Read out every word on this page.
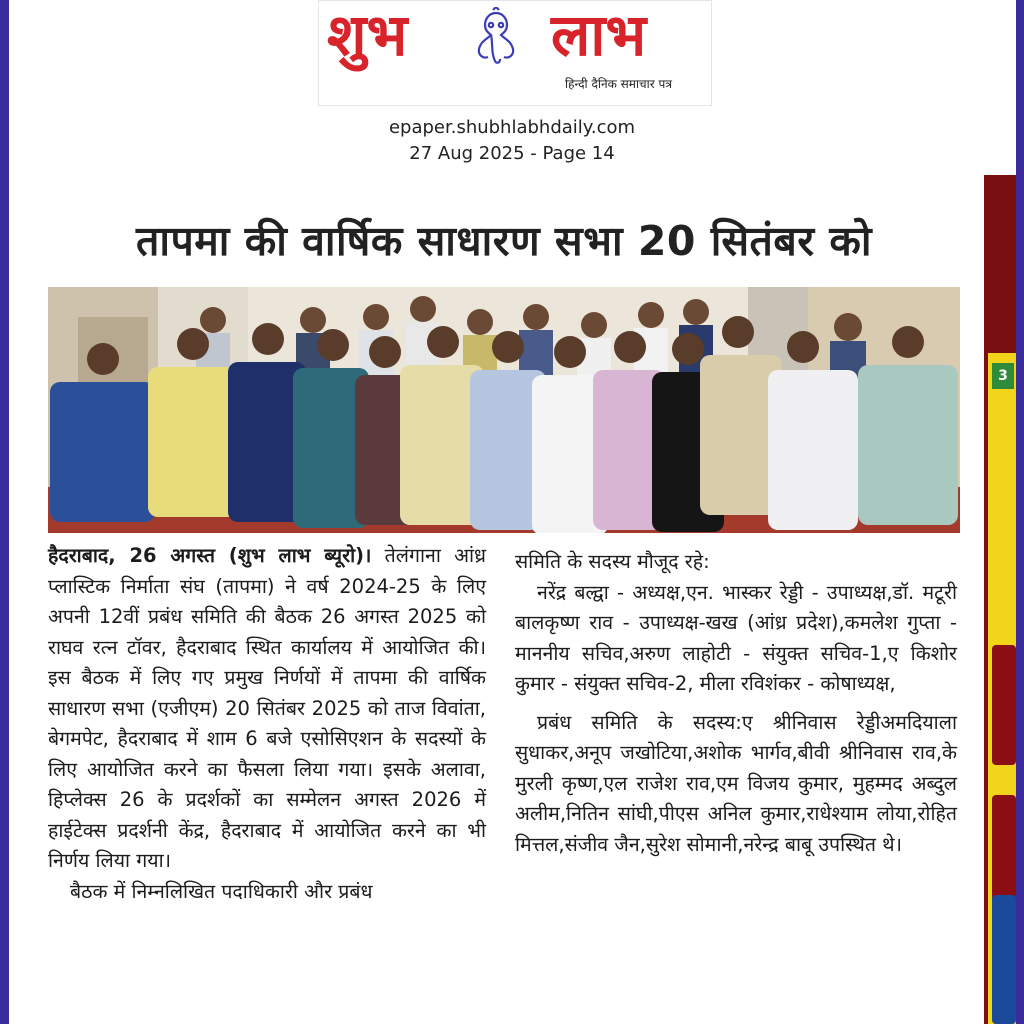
3
शुभ लाभ
हिन्दी दैनिक समाचार पत्र
epaper.shubhlabhdaily.com
27 Aug 2025 - Page 14
तापमा की वार्षिक साधारण सभा 20 सितंबर को

हैदराबाद, 26 अगस्त (शुभ लाभ ब्यूरो)। तेलंगाना आंध्र प्लास्टिक निर्माता संघ (तापमा) ने वर्ष 2024-25 के लिए अपनी 12वीं प्रबंध समिति की बैठक 26 अगस्त 2025 को राघव रत्न टॉवर, हैदराबाद स्थित कार्यालय में आयोजित की। इस बैठक में लिए गए प्रमुख निर्णयों में तापमा की वार्षिक साधारण सभा (एजीएम) 20 सितंबर 2025 को ताज विवांता, बेगमपेट, हैदराबाद में शाम 6 बजे एसोसिएशन के सदस्यों के लिए आयोजित करने का फैसला लिया गया। इसके अलावा, हिप्लेक्स 26 के प्रदर्शकों का सम्मेलन अगस्त 2026 में हाईटेक्स प्रदर्शनी केंद्र, हैदराबाद में आयोजित करने का भी निर्णय लिया गया।

बैठक में निम्नलिखित पदाधिकारी और प्रबंध

समिति के सदस्य मौजूद रहे:

नरेंद्र बल्द्वा - अध्यक्ष,एन. भास्कर रेड्डी - उपाध्यक्ष,डॉ. मटूरी बालकृष्ण राव - उपाध्यक्ष-खख (आंध्र प्रदेश),कमलेश गुप्ता - माननीय सचिव,अरुण लाहोटी - संयुक्त सचिव-1,ए किशोर कुमार - संयुक्त सचिव-2, मीला रविशंकर - कोषाध्यक्ष,

प्रबंध समिति के सदस्य:ए श्रीनिवास रेड्डीअमदियाला सुधाकर,अनूप जखोटिया,अशोक भार्गव,बीवी श्रीनिवास राव,के मुरली कृष्ण,एल राजेश राव,एम विजय कुमार, मुहम्मद अब्दुल अलीम,नितिन सांघी,पीएस अनिल कुमार,राधेश्याम लोया,रोहित मित्तल,संजीव जैन,सुरेश सोमानी,नरेन्द्र बाबू उपस्थित थे।
